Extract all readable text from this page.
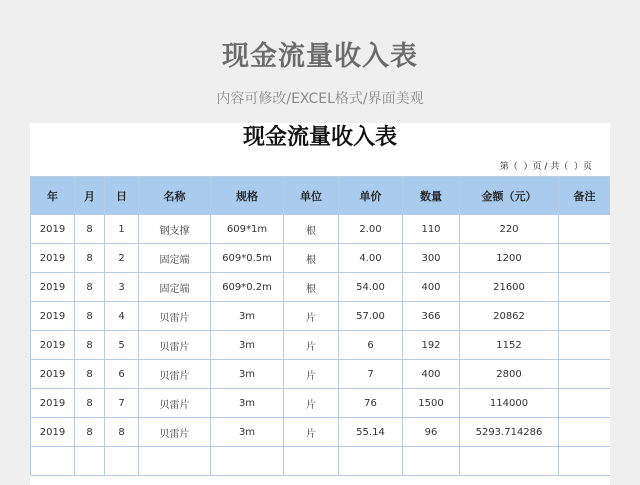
现金流量收入表
内容可修改/EXCEL格式/界面美观
现金流量收入表
第（  ）页 / 共（  ）页
年	月	日	名称	规格	单位	单价	数量	金额（元）	备注
2019	8	1	钢支撑	609*1m	根	2.00	110	220	
2019	8	2	固定端	609*0.5m	根	4.00	300	1200	
2019	8	3	固定端	609*0.2m	根	54.00	400	21600	
2019	8	4	贝雷片	3m	片	57.00	366	20862	
2019	8	5	贝雷片	3m	片	6	192	1152	
2019	8	6	贝雷片	3m	片	7	400	2800	
2019	8	7	贝雷片	3m	片	76	1500	114000	
2019	8	8	贝雷片	3m	片	55.14	96	5293.714286	
